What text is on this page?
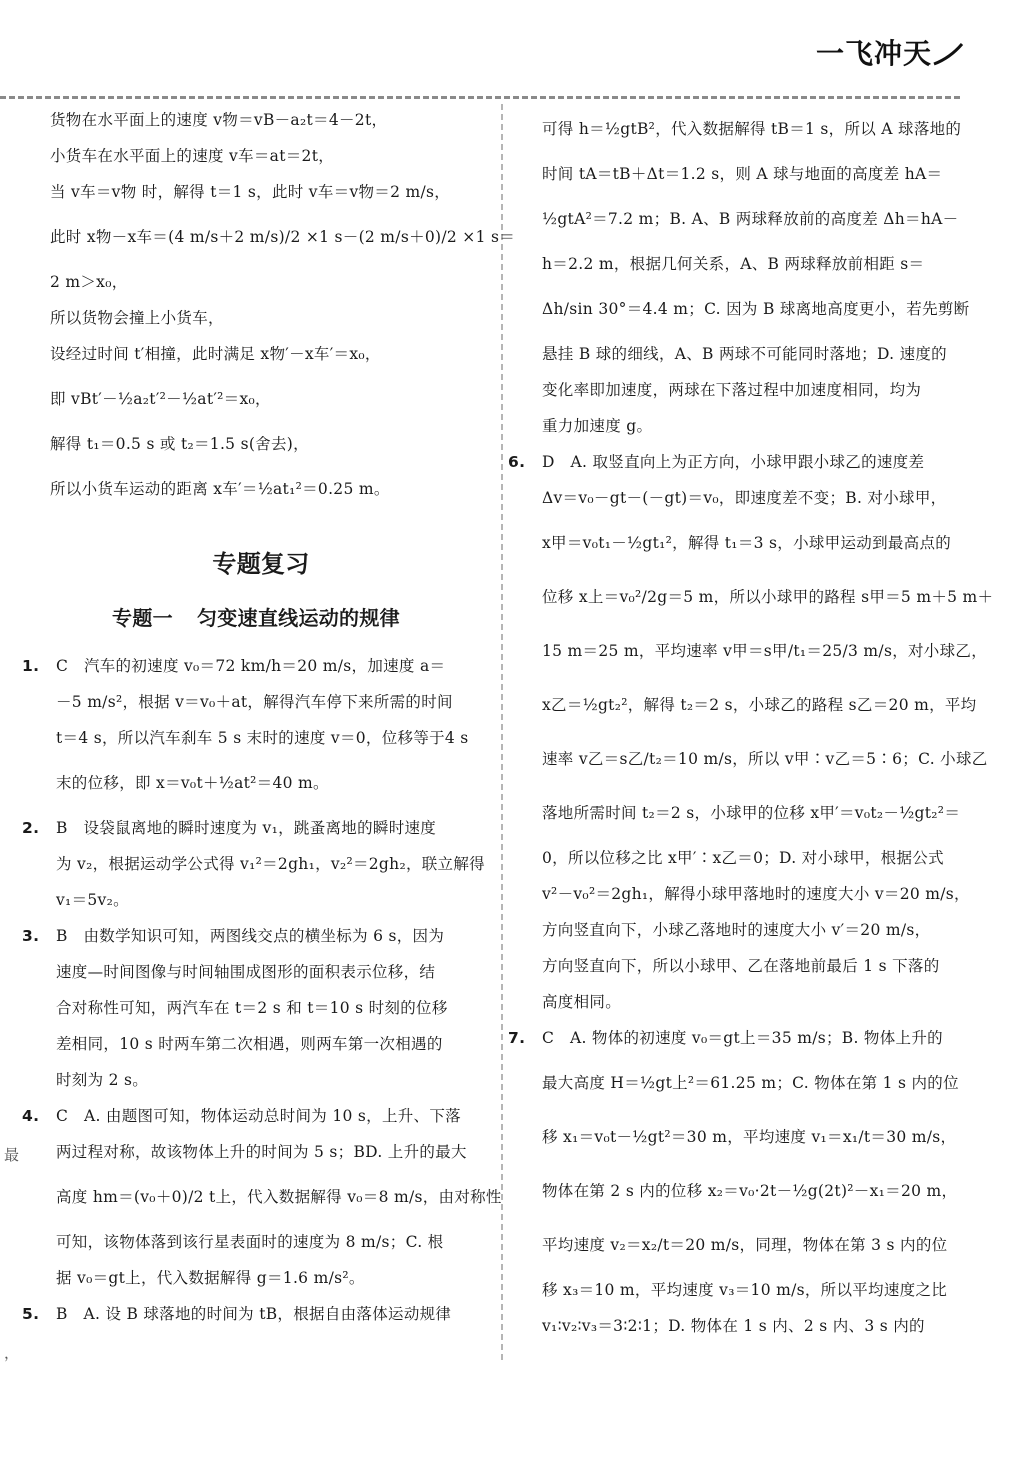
一飞冲天
最
，
货物在水平面上的速度 v物＝vB－a₂t＝4－2t，
小货车在水平面上的速度 v车＝at＝2t，
当 v车＝v物 时，解得 t＝1 s，此时 v车＝v物＝2 m/s，
此时 x物－x车＝(4 m/s＋2 m/s)/2 ×1 s－(2 m/s＋0)/2 ×1 s＝
2 m＞x₀，
所以货物会撞上小货车，
设经过时间 t′相撞，此时满足 x物′－x车′＝x₀，
即 vBt′－½a₂t′²－½at′²＝x₀，
解得 t₁＝0.5 s 或 t₂＝1.5 s(舍去)，
所以小货车运动的距离 x车′＝½at₁²＝0.25 m。
专题复习
专题一 匀变速直线运动的规律
1. C　汽车的初速度 v₀＝72 km/h＝20 m/s，加速度 a＝
－5 m/s²，根据 v＝v₀＋at，解得汽车停下来所需的时间
t＝4 s，所以汽车刹车 5 s 末时的速度 v＝0，位移等于4 s
末的位移，即 x＝v₀t＋½at²＝40 m。
2. B　设袋鼠离地的瞬时速度为 v₁，跳蚤离地的瞬时速度
为 v₂，根据运动学公式得 v₁²＝2gh₁，v₂²＝2gh₂，联立解得
v₁＝5v₂。
3. B　由数学知识可知，两图线交点的横坐标为 6 s，因为
速度—时间图像与时间轴围成图形的面积表示位移，结
合对称性可知，两汽车在 t＝2 s 和 t＝10 s 时刻的位移
差相同，10 s 时两车第二次相遇，则两车第一次相遇的
时刻为 2 s。
4. C　A. 由题图可知，物体运动总时间为 10 s，上升、下落
两过程对称，故该物体上升的时间为 5 s；BD. 上升的最大
高度 hm＝(v₀＋0)/2 t上，代入数据解得 v₀＝8 m/s，由对称性
可知，该物体落到该行星表面时的速度为 8 m/s；C. 根
据 v₀＝gt上，代入数据解得 g＝1.6 m/s²。
5. B　A. 设 B 球落地的时间为 tB，根据自由落体运动规律
可得 h＝½gtB²，代入数据解得 tB＝1 s，所以 A 球落地的
时间 tA＝tB＋Δt＝1.2 s，则 A 球与地面的高度差 hA＝
½gtA²＝7.2 m；B. A、B 两球释放前的高度差 Δh＝hA－
h＝2.2 m，根据几何关系，A、B 两球释放前相距 s＝
Δh/sin 30°＝4.4 m；C. 因为 B 球离地高度更小，若先剪断
悬挂 B 球的细线，A、B 两球不可能同时落地；D. 速度的
变化率即加速度，两球在下落过程中加速度相同，均为
重力加速度 g。
6. D　A. 取竖直向上为正方向，小球甲跟小球乙的速度差
Δv＝v₀－gt－(－gt)＝v₀，即速度差不变；B. 对小球甲，
x甲＝v₀t₁－½gt₁²，解得 t₁＝3 s，小球甲运动到最高点的
位移 x上＝v₀²/2g＝5 m，所以小球甲的路程 s甲＝5 m＋5 m＋
15 m＝25 m，平均速率 v甲＝s甲/t₁＝25/3 m/s，对小球乙，
x乙＝½gt₂²，解得 t₂＝2 s，小球乙的路程 s乙＝20 m，平均
速率 v乙＝s乙/t₂＝10 m/s，所以 v甲∶v乙＝5∶6；C. 小球乙
落地所需时间 t₂＝2 s，小球甲的位移 x甲′＝v₀t₂－½gt₂²＝
0，所以位移之比 x甲′∶x乙＝0；D. 对小球甲，根据公式
v²－v₀²＝2gh₁，解得小球甲落地时的速度大小 v＝20 m/s，
方向竖直向下，小球乙落地时的速度大小 v′＝20 m/s，
方向竖直向下，所以小球甲、乙在落地前最后 1 s 下落的
高度相同。
7. C　A. 物体的初速度 v₀＝gt上＝35 m/s；B. 物体上升的
最大高度 H＝½gt上²＝61.25 m；C. 物体在第 1 s 内的位
移 x₁＝v₀t－½gt²＝30 m，平均速度 v₁＝x₁/t＝30 m/s，
物体在第 2 s 内的位移 x₂＝v₀·2t－½g(2t)²－x₁＝20 m，
平均速度 v₂＝x₂/t＝20 m/s，同理，物体在第 3 s 内的位
移 x₃＝10 m，平均速度 v₃＝10 m/s，所以平均速度之比
v₁∶v₂∶v₃＝3∶2∶1；D. 物体在 1 s 内、2 s 内、3 s 内的
